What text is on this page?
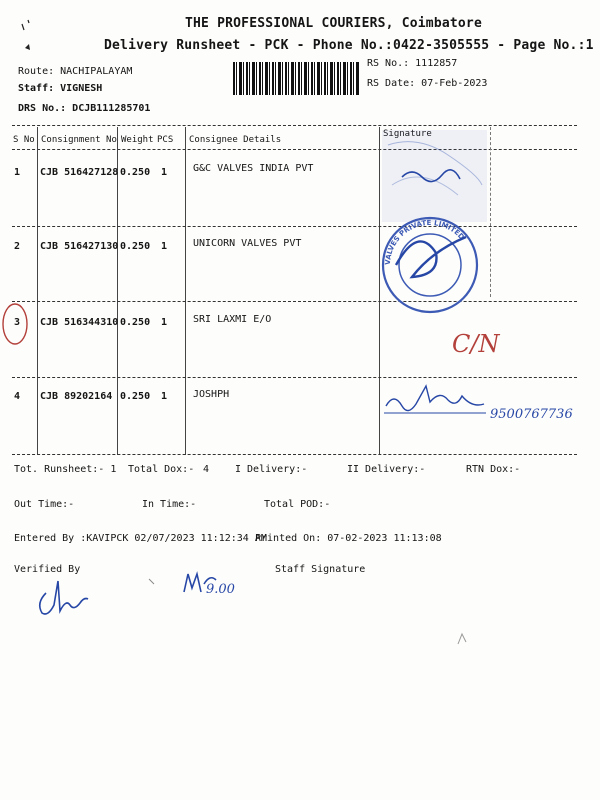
THE PROFESSIONAL COURIERS, Coimbatore
Delivery Runsheet - PCK - Phone No.:0422-3505555 - Page No.:1
Route: NACHIPALAYAM
Staff: VIGNESH
DRS No.: DCJB111285701
RS No.: 1112857
RS Date: 07-Feb-2023
S No Consignment No Weight PCS Consignee Details
Signature
1 CJB 516427128 0.250 1	G&C VALVES INDIA PVT
2 CJB 516427130 0.250 1	UNICORN VALVES PVT
3 CJB 516344310 0.250 1	SRI LAXMI E/O
4 CJB 89202164 0.250 1	JOSHPH
VALVES PRIVATE LIMITED
C/N
9500767736
Tot. Runsheet:- 1 Total Dox:- 4	I Delivery:-	II Delivery:-	RTN Dox:-
Out Time:-	In Time:-	Total POD:-
Entered By :KAVIPCK 02/07/2023 11:12:34 AM
Printed On: 07-02-2023 11:13:08
Verified By	Staff Signature
9.00
